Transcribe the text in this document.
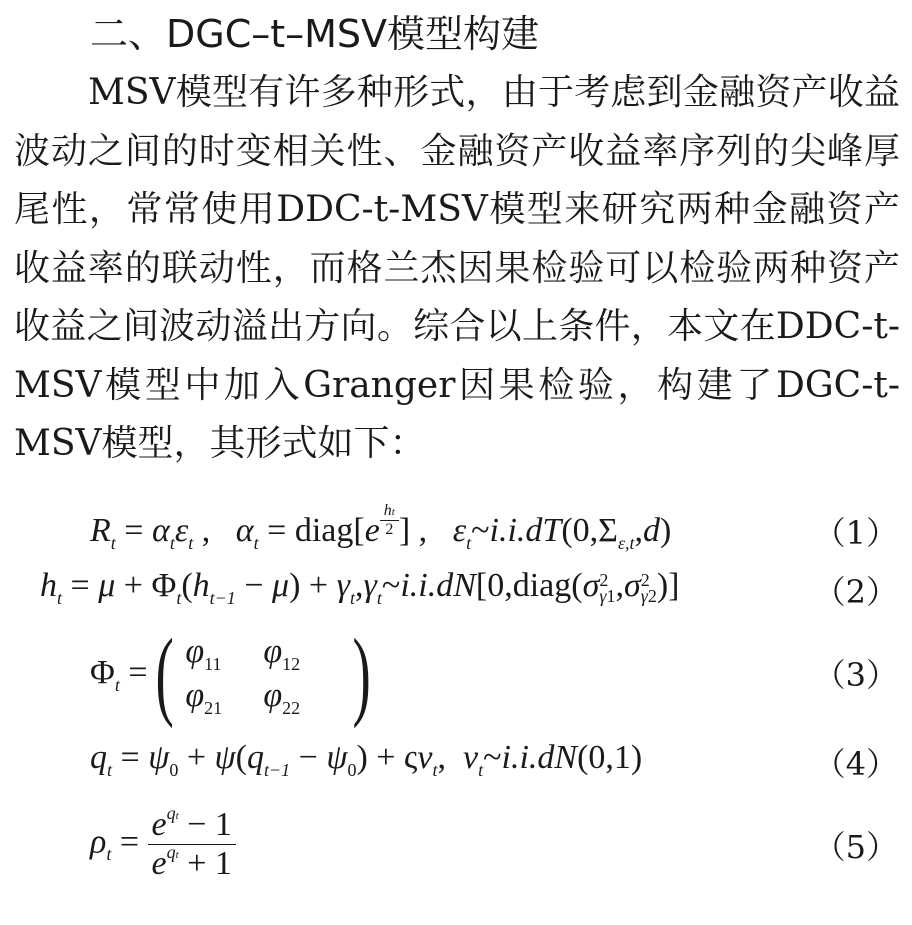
二、DGC–t–MSV模型构建
MSV模型有许多种形式，由于考虑到金融资产收益波动之间的时变相关性、金融资产收益率序列的尖峰厚尾性，常常使用DDC-t-MSV模型来研究两种金融资产收益率的联动性，而格兰杰因果检验可以检验两种资产收益之间波动溢出方向。综合以上条件，本文在DDC-t-MSV模型中加入Granger因果检验，构建了DGC-t-MSV模型，其形式如下：
$R_t = \alpha_t\varepsilon_t$ ,   $\alpha_t$ = diag[e $^{\frac{ht}{2}}$ ] ,   $\varepsilon_t\sim i.i.dT(0,\Sigma_{\varepsilon,t},d)$	（1）
$h_t = \mu + \Phi_t(h_{t-1} - \mu)$ + $\gamma_t,\gamma_t\sim i.i.dN[0,diag(\sigma$ 2
γ1 ,σ 2
γ2 )]	（2）
$\Phi_t$ = ( $\varphi_{11}$	$\varphi_{12}$
$\varphi_{21}$	$\varphi_{22}$ )	（3）
$q_t = \psi_0 + \psi(q_{t-1} - \psi_0) + \varsigma\nu_t$,  $\nu_t\sim i.i.dN(0,1)$	（4）
$\rho_t = \frac{e^{qt} - 1}{e^{qt} + 1}$	（5）
